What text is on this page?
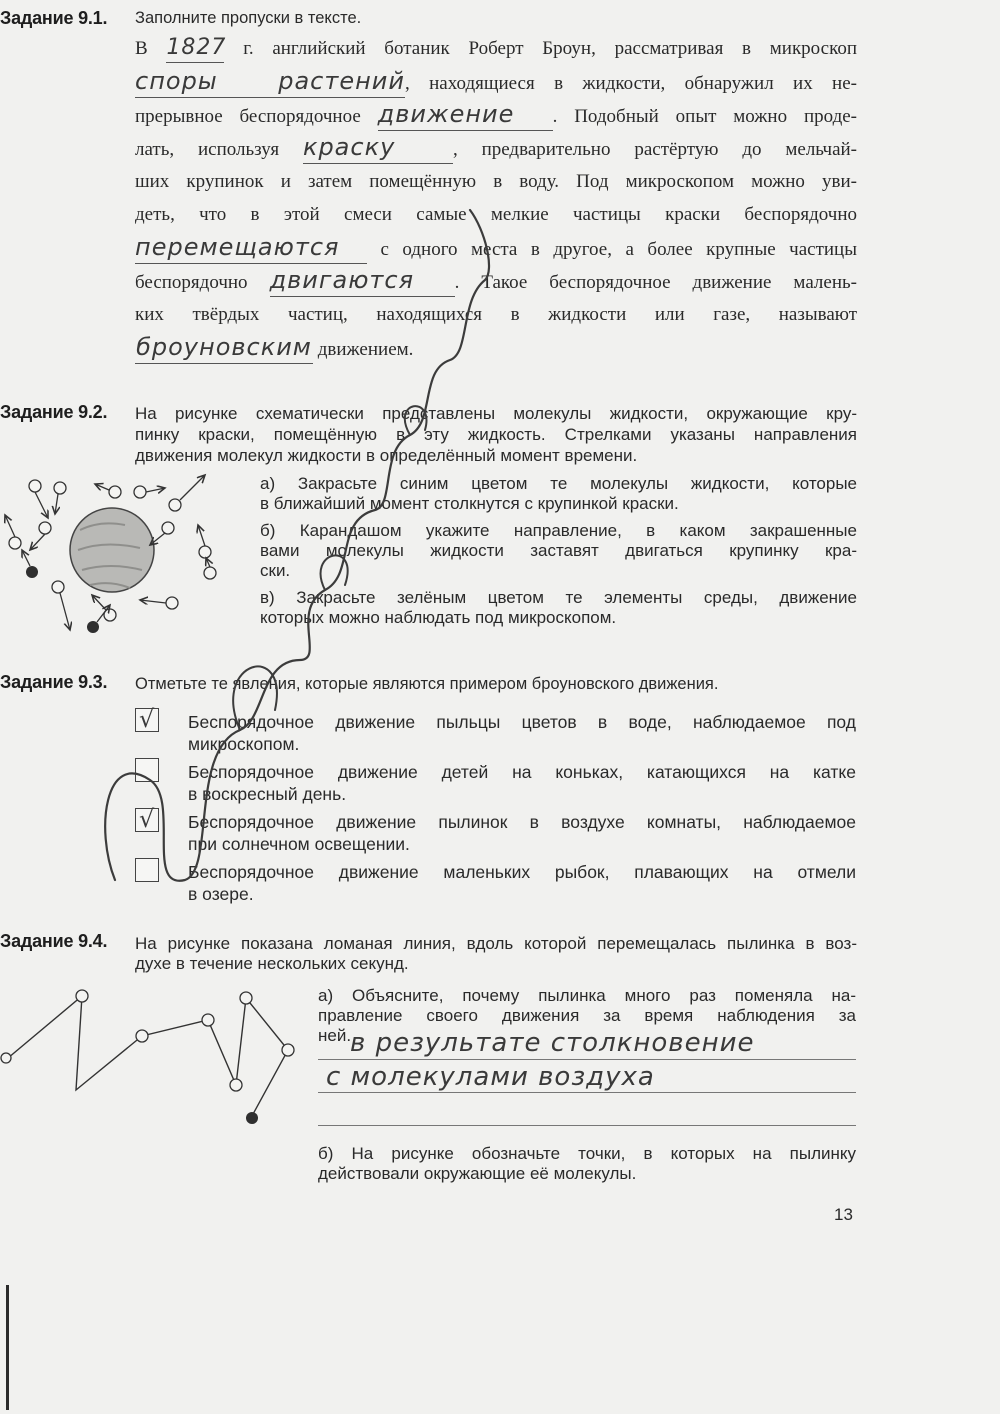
Задание 9.1. Заполните пропуски в тексте.
В 1827 г. английский ботаник Роберт Броун, рассматривая в микроскоп
споры растений, находящиеся в жидкости, обнаружил их не-
прерывное беспорядочное движение . Подобный опыт можно проде-
лать, используя краску	, предварительно растёртую до мельчай-
ших крупинок и затем помещённую в воду. Под микроскопом можно уви-
деть, что в этой смеси самые мелкие частицы краски беспорядочно
перемещаются с одного места в другое, а более крупные частицы
беспорядочно двигаются . Такое беспорядочное движение малень-
ких твёрдых частиц, находящихся в жидкости или газе, называют
броуновским движением.
Задание 9.2. На рисунке схематически представлены молекулы жидкости, окружающие кру-
пинку краски, помещённую в эту жидкость. Стрелками указаны направления
движения молекул жидкости в определённый момент времени.
а) Закрасьте синим цветом те молекулы жидкости, которые
в ближайший момент столкнутся с крупинкой краски.
б) Карандашом укажите направление, в каком закрашенные
вами молекулы жидкости заставят двигаться крупинку кра-
ски.
в) Закрасьте зелёным цветом те элементы среды, движение
которых можно наблюдать под микроскопом.
Задание 9.3. Отметьте те явления, которые являются примером броуновского движения.
√ Беспорядочное движение пыльцы цветов в воде, наблюдаемое под
микроскопом.
Беспорядочное движение детей на коньках, катающихся на катке
в воскресный день.
√ Беспорядочное движение пылинок в воздухе комнаты, наблюдаемое
при солнечном освещении.
Беспорядочное движение маленьких рыбок, плавающих на отмели
в озере.
Задание 9.4. На рисунке показана ломаная линия, вдоль которой перемещалась пылинка в воз-
духе в течение нескольких секунд.
а) Объясните, почему пылинка много раз поменяла на-
правление своего движения за время наблюдения за
ней.
в результате столкновение
с молекулами воздуха
б) На рисунке обозначьте точки, в которых на пылинку
действовали окружающие её молекулы.
13
